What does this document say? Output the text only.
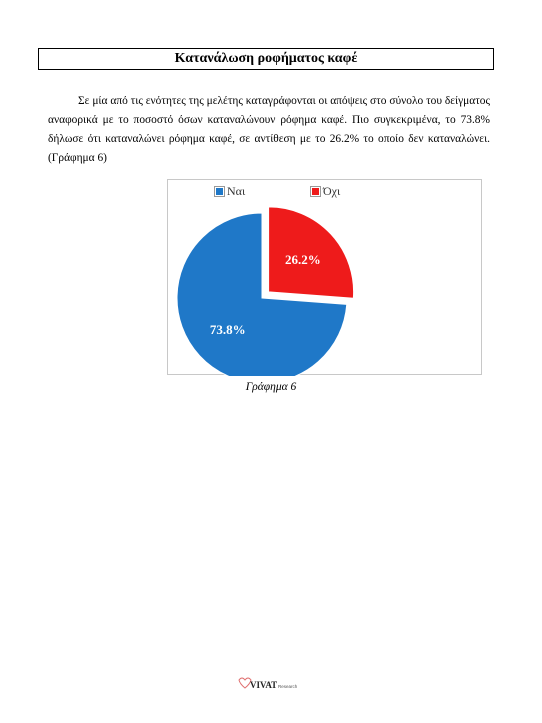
Κατανάλωση ροφήματος καφέ
Σε μία από τις ενότητες της μελέτης καταγράφονται οι απόψεις στο σύνολο του δείγματος αναφορικά με το ποσοστό όσων καταναλώνουν ρόφημα καφέ. Πιο συγκεκριμένα, το 73.8% δήλωσε ότι καταναλώνει ρόφημα καφέ, σε αντίθεση με το 26.2% το οποίο δεν καταναλώνει. (Γράφημα 6)
Ναι	Όχι
26.2%
73.8%
Γράφημα 6
VIVAT Research
